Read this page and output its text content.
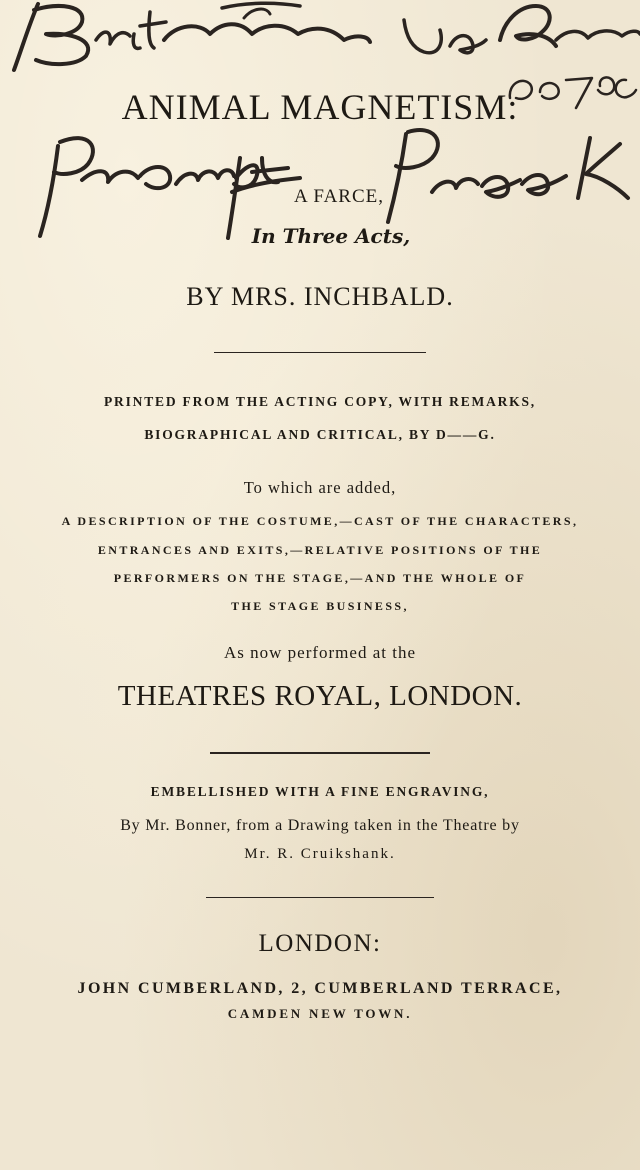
ANIMAL MAGNETISM:
A FARCE,
In Three Acts,
BY MRS. INCHBALD.
PRINTED FROM THE ACTING COPY, WITH REMARKS,
BIOGRAPHICAL AND CRITICAL, BY D——G.
To which are added,
A DESCRIPTION OF THE COSTUME,—CAST OF THE CHARACTERS,
ENTRANCES AND EXITS,—RELATIVE POSITIONS OF THE
PERFORMERS ON THE STAGE,—AND THE WHOLE OF
THE STAGE BUSINESS,
As now performed at the
THEATRES ROYAL, LONDON.
EMBELLISHED WITH A FINE ENGRAVING,
By Mr. Bonner, from a Drawing taken in the Theatre by
Mr. R. Cruikshank.
LONDON:
JOHN CUMBERLAND, 2, CUMBERLAND TERRACE,
CAMDEN NEW TOWN.
